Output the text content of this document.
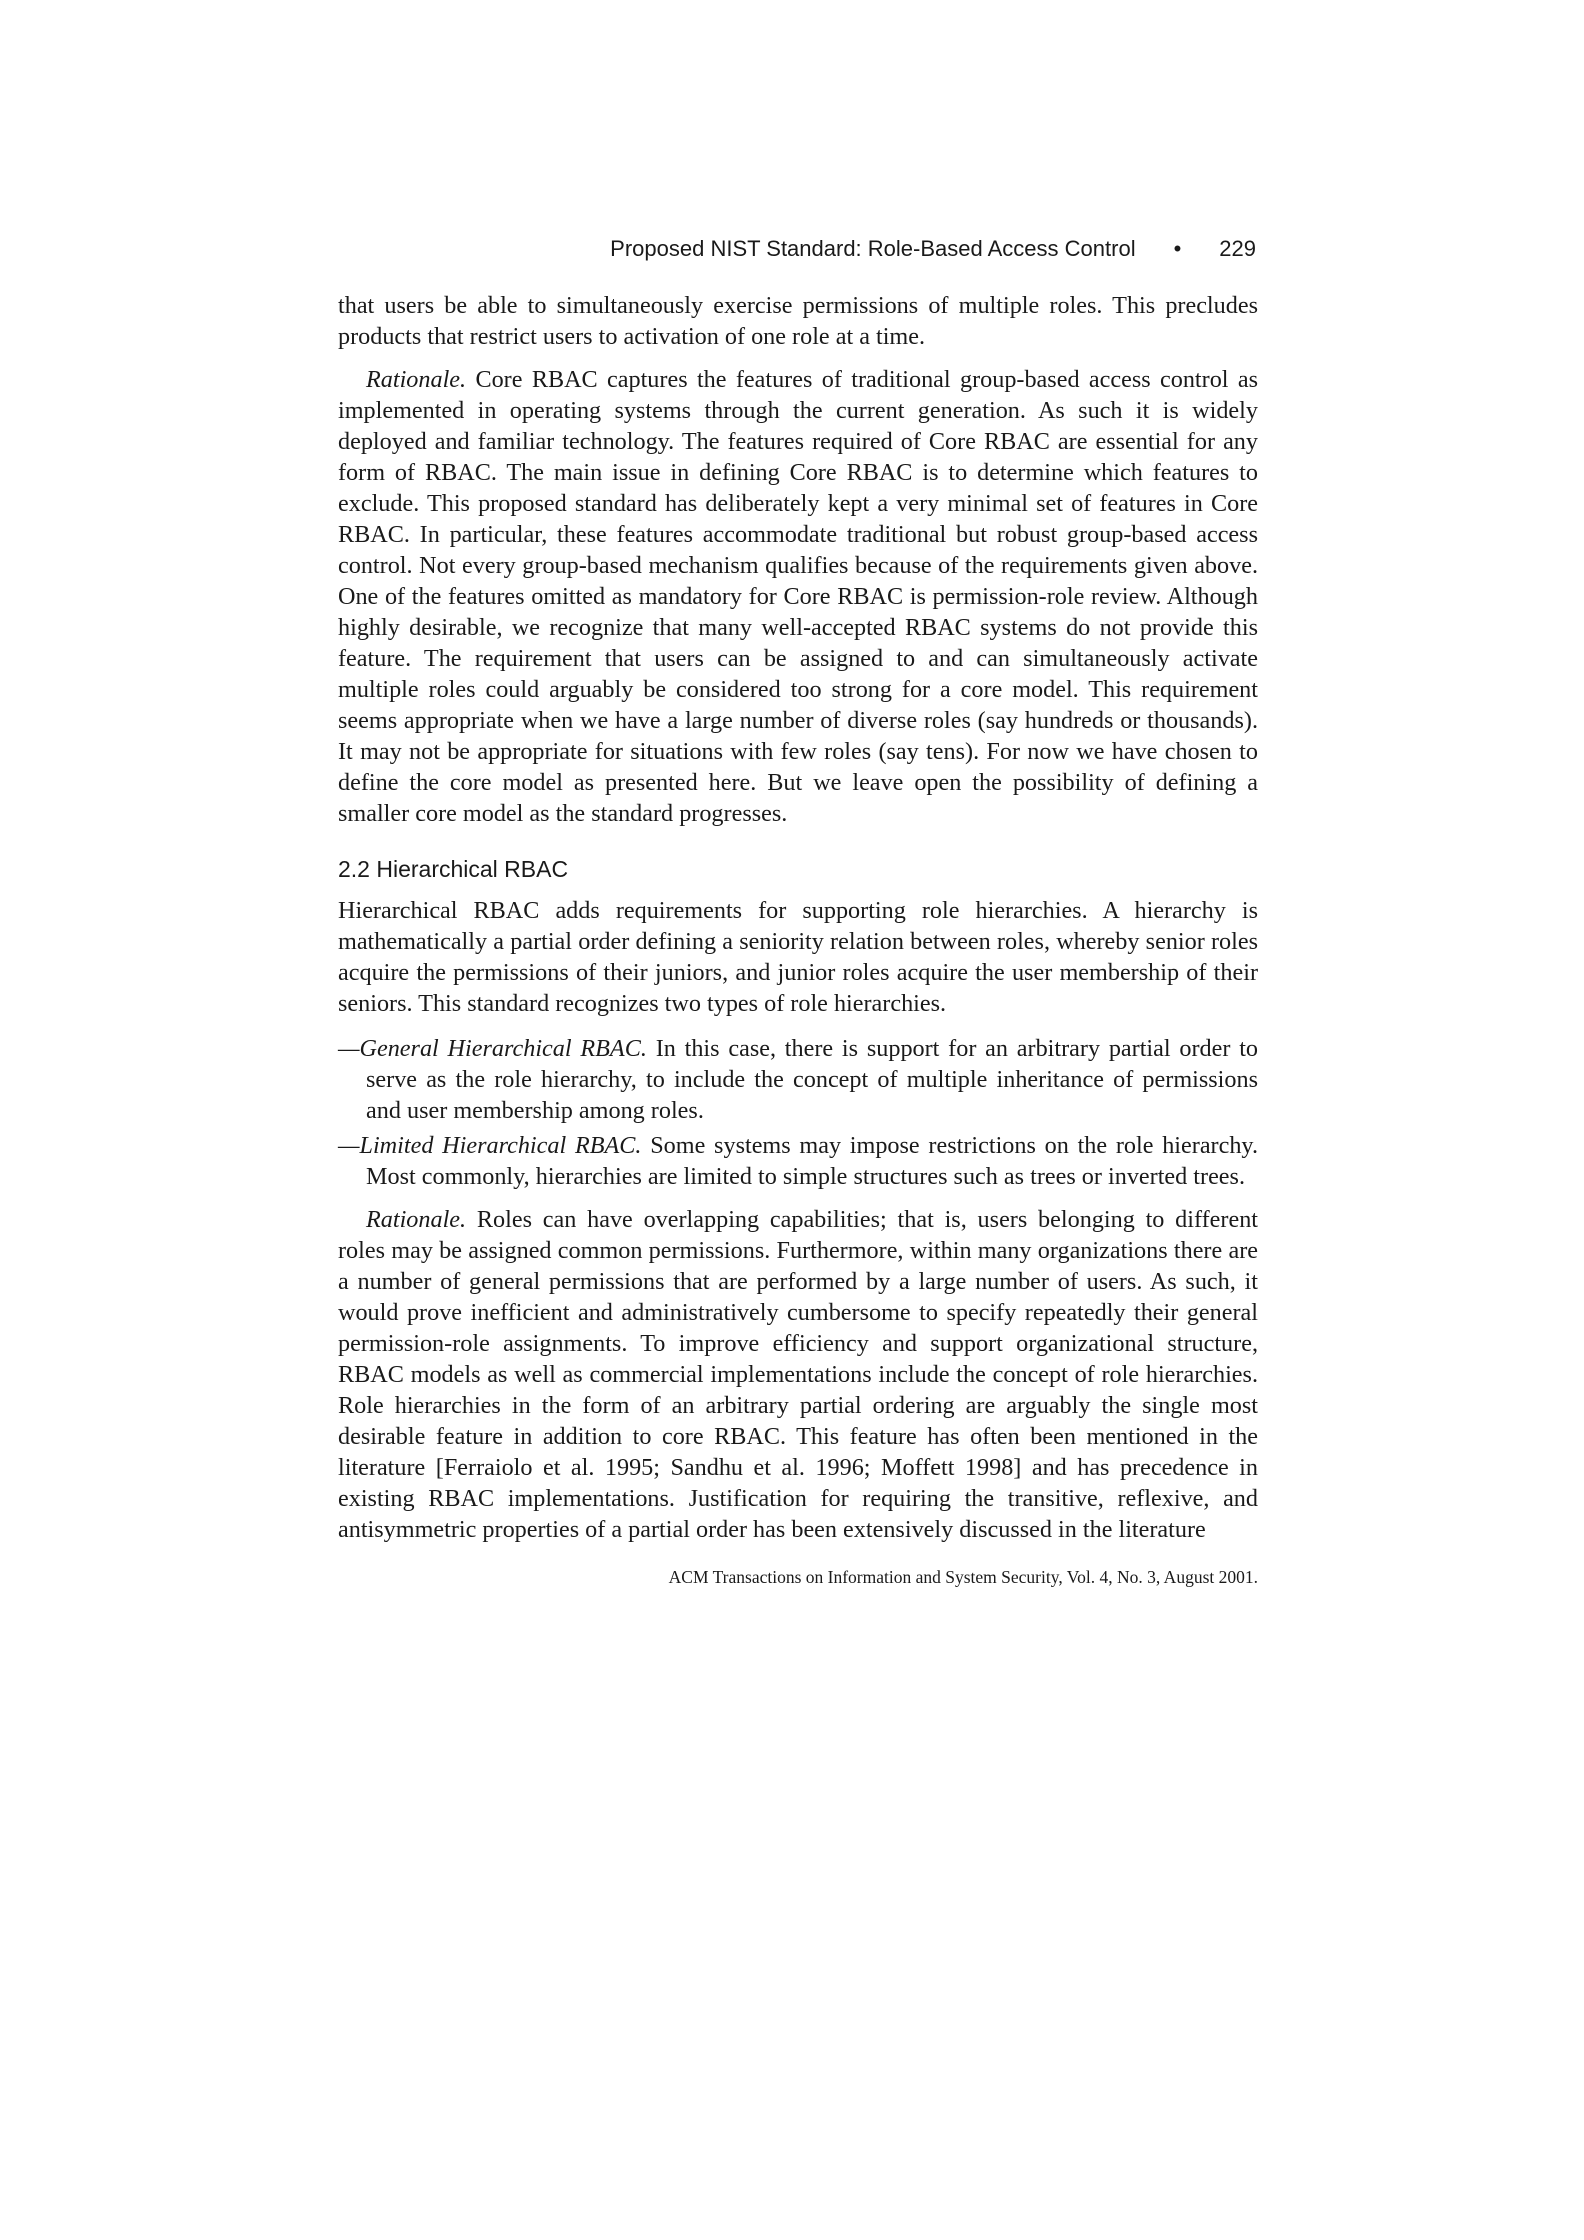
Proposed NIST Standard: Role-Based Access Control • 229

that users be able to simultaneously exercise permissions of multiple roles. This precludes products that restrict users to activation of one role at a time.

Rationale. Core RBAC captures the features of traditional group-based access control as implemented in operating systems through the current generation. As such it is widely deployed and familiar technology. The features required of Core RBAC are essential for any form of RBAC. The main issue in defining Core RBAC is to determine which features to exclude. This proposed standard has deliberately kept a very minimal set of features in Core RBAC. In particular, these features accommodate traditional but robust group-based access control. Not every group-based mechanism qualifies because of the requirements given above. One of the features omitted as mandatory for Core RBAC is permission-role review. Although highly desirable, we recognize that many well-accepted RBAC systems do not provide this feature. The requirement that users can be assigned to and can simultaneously activate multiple roles could arguably be considered too strong for a core model. This requirement seems appropriate when we have a large number of diverse roles (say hundreds or thousands). It may not be appropriate for situations with few roles (say tens). For now we have chosen to define the core model as presented here. But we leave open the possibility of defining a smaller core model as the standard progresses.

2.2 Hierarchical RBAC

Hierarchical RBAC adds requirements for supporting role hierarchies. A hierarchy is mathematically a partial order defining a seniority relation between roles, whereby senior roles acquire the permissions of their juniors, and junior roles acquire the user membership of their seniors. This standard recognizes two types of role hierarchies.

—General Hierarchical RBAC. In this case, there is support for an arbitrary partial order to serve as the role hierarchy, to include the concept of multiple inheritance of permissions and user membership among roles.
—Limited Hierarchical RBAC. Some systems may impose restrictions on the role hierarchy. Most commonly, hierarchies are limited to simple structures such as trees or inverted trees.

Rationale. Roles can have overlapping capabilities; that is, users belonging to different roles may be assigned common permissions. Furthermore, within many organizations there are a number of general permissions that are performed by a large number of users. As such, it would prove inefficient and administratively cumbersome to specify repeatedly their general permission-role assignments. To improve efficiency and support organizational structure, RBAC models as well as commercial implementations include the concept of role hierarchies. Role hierarchies in the form of an arbitrary partial ordering are arguably the single most desirable feature in addition to core RBAC. This feature has often been mentioned in the literature [Ferraiolo et al. 1995; Sandhu et al. 1996; Moffett 1998] and has precedence in existing RBAC implementations. Justification for requiring the transitive, reflexive, and antisymmetric properties of a partial order has been extensively discussed in the literature

ACM Transactions on Information and System Security, Vol. 4, No. 3, August 2001.
